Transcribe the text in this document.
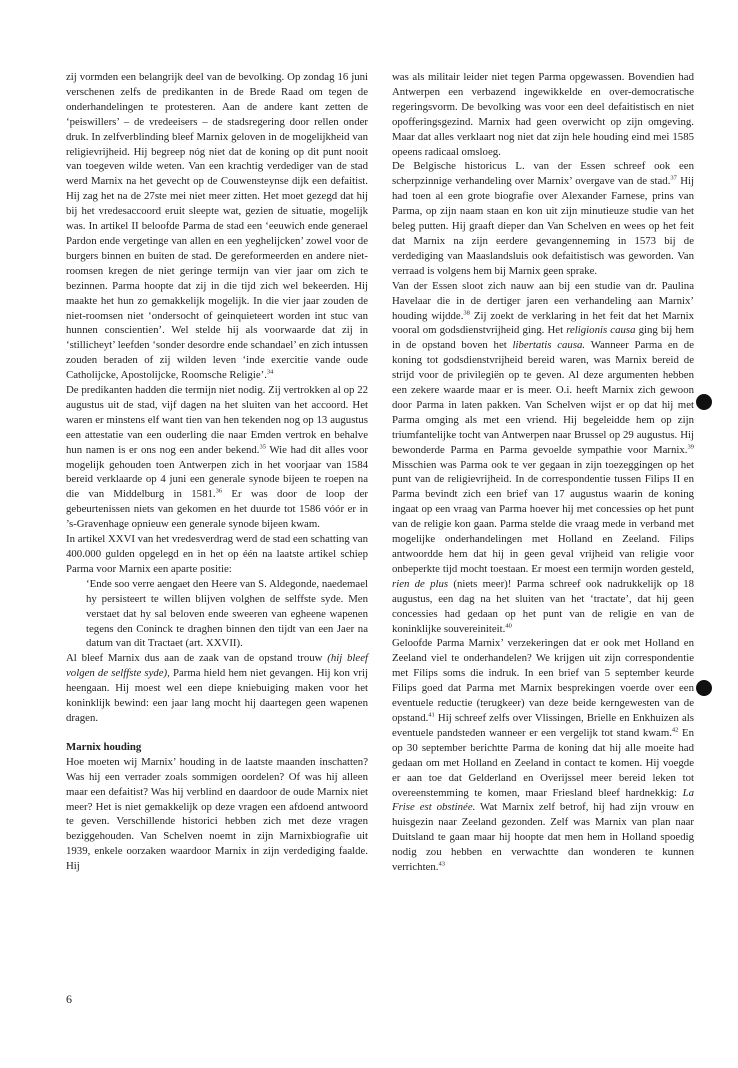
zij vormden een belangrijk deel van de bevolking. Op zondag 16 juni verschenen zelfs de predikanten in de Brede Raad om tegen de onderhandelingen te protesteren. Aan de andere kant zetten de ‘peiswillers’ – de vredeeisers – de stadsregering door rellen onder druk. In zelfverblinding bleef Marnix geloven in de mogelijkheid van religievrijheid. Hij begreep nóg niet dat de koning op dit punt nooit van toegeven wilde weten. Van een krachtig verdediger van de stad werd Marnix na het gevecht op de Couwensteynse dijk een defaitist. Hij zag het na de 27ste mei niet meer zitten. Het moet gezegd dat hij bij het vredesaccoord eruit sleepte wat, gezien de situatie, mogelijk was. In artikel II beloofde Parma de stad een ‘eeuwich ende generael Pardon ende vergetinge van allen en een yeghelijcken’ zowel voor de burgers binnen en buiten de stad. De gereformeerden en andere niet-roomsen kregen de niet geringe termijn van vier jaar om zich te bezinnen. Parma hoopte dat zij in die tijd zich wel bekeerden. Hij maakte het hun zo gemakkelijk mogelijk. In die vier jaar zouden de niet-roomsen niet ‘ondersocht of geinquieteert worden int stuc van hunnen conscientien’. Wel stelde hij als voorwaarde dat zij in ‘stillicheyt’ leefden ‘sonder desordre ende schandael’ en zich intussen zouden beraden of zij wilden leven ‘inde exercitie vande oude Catholijcke, Apostolijcke, Roomsche Religie’.$^{34}$

De predikanten hadden die termijn niet nodig. Zij vertrokken al op 22 augustus uit de stad, vijf dagen na het sluiten van het accoord. Het waren er minstens elf want tien van hen tekenden nog op 13 augustus een attestatie van een ouderling die naar Emden vertrok en behalve hun namen is er ons nog een ander bekend.$^{35}$ Wie had dit alles voor mogelijk gehouden toen Antwerpen zich in het voorjaar van 1584 bereid verklaarde op 4 juni een generale synode bijeen te roepen na die van Middelburg in 1581.36 Er was door de loop der gebeurtenissen niets van gekomen en het duurde tot 1586 vóór er in ’s-Gravenhage opnieuw een generale synode bijeen kwam.

In artikel XXVI van het vredesverdrag werd de stad een schatting van 400.000 gulden opgelegd en in het op één na laatste artikel schiep Parma voor Marnix een aparte positie:

‘Ende soo verre aengaet den Heere van S. Aldegonde, naedemael hy persisteert te willen blijven volghen de selffste syde. Men verstaet dat hy sal beloven ende sweeren van egheene wapenen tegens den Coninck te draghen binnen den tijdt van een Jaer na datum van dit Tractaet (art. XXVII).

Al bleef Marnix dus aan de zaak van de opstand trouw (hij bleef volgen de selffste syde), Parma hield hem niet gevangen. Hij kon vrij heengaan. Hij moest wel een diepe kniebuiging maken voor het koninklijk bewind: een jaar lang mocht hij daartegen geen wapenen dragen.

Marnix houding

Hoe moeten wij Marnix’ houding in de laatste maanden inschatten? Was hij een verrader zoals sommigen oordelen? Of was hij alleen maar een defaitist? Was hij verblind en daardoor de oude Marnix niet meer? Het is niet gemakkelijk op deze vragen een afdoend antwoord te geven. Verschillende historici hebben zich met deze vragen beziggehouden. Van Schelven noemt in zijn Marnixbiografie uit 1939, enkele oorzaken waardoor Marnix in zijn verdediging faalde. Hij

was als militair leider niet tegen Parma opgewassen. Bovendien had Antwerpen een verbazend ingewikkelde en over-democratische regeringsvorm. De bevolking was voor een deel defaitistisch en niet opofferingsgezind. Marnix had geen overwicht op zijn omgeving. Maar dat alles verklaart nog niet dat zijn hele houding eind mei 1585 opeens radicaal omsloeg.

De Belgische historicus L. van der Essen schreef ook een scherpzinnige verhandeling over Marnix’ overgave van de stad.$^{37}$ Hij had toen al een grote biografie over Alexander Farnese, prins van Parma, op zijn naam staan en kon uit zijn minutieuze studie van het beleg putten. Hij graaft dieper dan Van Schelven en wees op het feit dat Marnix na zijn eerdere gevangenneming in 1573 bij de verdediging van Maaslandsluis ook defaitistisch was geworden. Van verraad is volgens hem bij Marnix geen sprake.

Van der Essen sloot zich nauw aan bij een studie van dr. Paulina Havelaar die in de dertiger jaren een verhandeling aan Marnix’ houding wijdde.$^{38}$ Zij zoekt de verklaring in het feit dat het Marnix vooral om godsdienstvrijheid ging. Het religionis causa ging bij hem in de opstand boven het libertatis causa. Wanneer Parma en de koning tot godsdienstvrijheid bereid waren, was Marnix bereid de strijd voor de privilegiën op te geven. Al deze argumenten hebben een zekere waarde maar er is meer. O.i. heeft Marnix zich gewoon door Parma in laten pakken. Van Schelven wijst er op dat hij met Parma omging als met een vriend. Hij begeleidde hem op zijn triumfantelijke tocht van Antwerpen naar Brussel op 29 augustus. Hij bewonderde Parma en Parma gevoelde sympathie voor Marnix.$^{39}$ Misschien was Parma ook te ver gegaan in zijn toezeggingen op het punt van de religievrijheid. In de correspondentie tussen Filips II en Parma bevindt zich een brief van 17 augustus waarin de koning ingaat op een vraag van Parma hoever hij met concessies op het punt van de religie kon gaan. Parma stelde die vraag mede in verband met mogelijke onderhandelingen met Holland en Zeeland. Filips antwoordde hem dat hij in geen geval vrijheid van religie voor onbeperkte tijd mocht toestaan. Er moest een termijn worden gesteld, rien de plus (niets meer)! Parma schreef ook nadrukkelijk op 18 augustus, een dag na het sluiten van het ‘tractate’, dat hij geen concessies had gedaan op het punt van de religie en van de koninklijke souvereiniteit.$^{40}$

Geloofde Parma Marnix’ verzekeringen dat er ook met Holland en Zeeland viel te onderhandelen? We krijgen uit zijn correspondentie met Filips soms die indruk. In een brief van 5 september keurde Filips goed dat Parma met Marnix besprekingen voerde over een eventuele reductie (terugkeer) van deze beide kerngewesten van de opstand.$^{41}$ Hij schreef zelfs over Vlissingen, Brielle en Enkhuizen als eventuele pandsteden wanneer er een vergelijk tot stand kwam.$^{42}$ En op 30 september berichtte Parma de koning dat hij alle moeite had gedaan om met Holland en Zeeland in contact te komen. Hij voegde er aan toe dat Gelderland en Overijssel meer bereid leken tot overeenstemming te komen, maar Friesland bleef hardnekkig: La Frise est obstinée. Wat Marnix zelf betrof, hij had zijn vrouw en huisgezin naar Zeeland gezonden. Zelf was Marnix van plan naar Duitsland te gaan maar hij hoopte dat men hem in Holland spoedig nodig zou hebben en verwachtte dan wonderen te kunnen verrichten.$^{43}$

6
